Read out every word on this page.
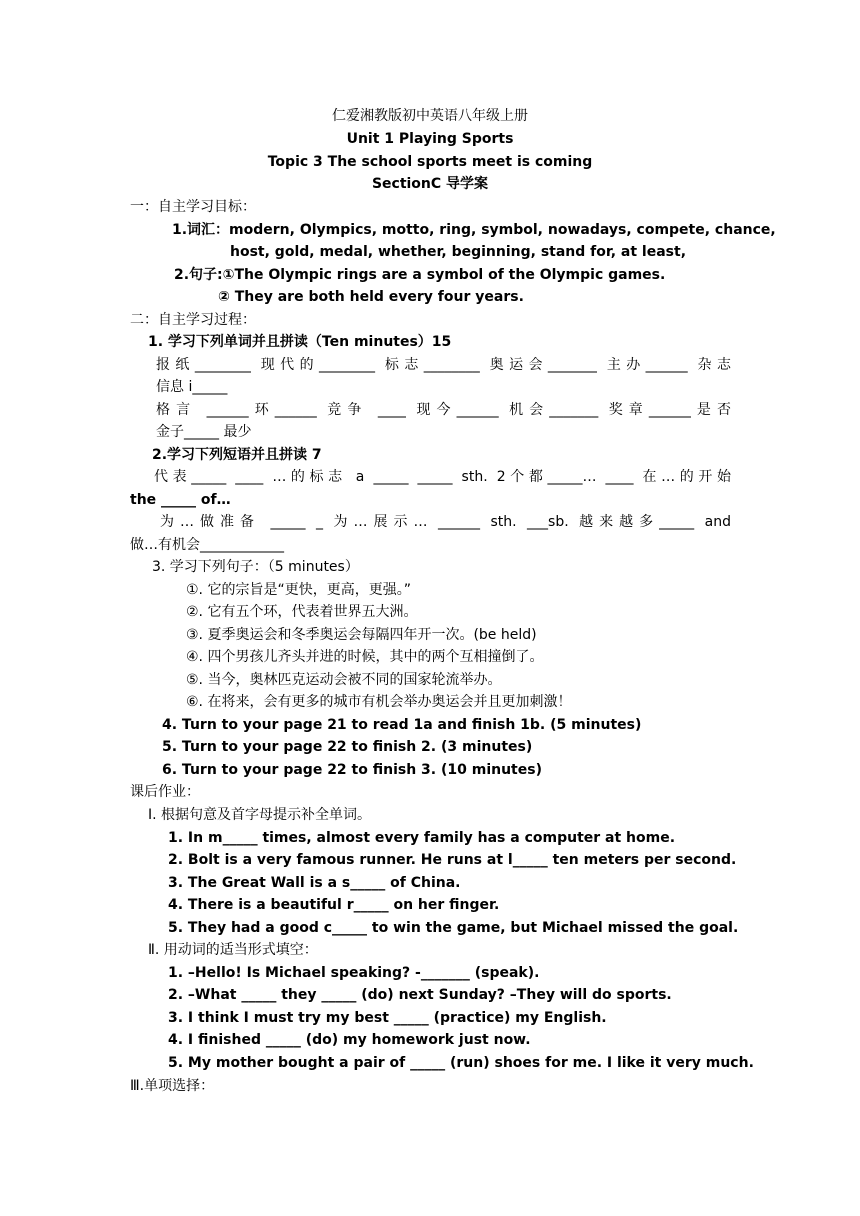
仁爱湘教版初中英语八年级上册
Unit 1 Playing Sports
Topic 3 The school sports meet is coming
SectionC 导学案
一：自主学习目标：
1.词汇：modern, Olympics, motto, ring, symbol, nowadays, compete, chance,
host, gold, medal, whether, beginning, stand for, at least,
2.句子:①The Olympic rings are a symbol of the Olympic games.
② They are both held every four years.
二：自主学习过程：
1. 学习下列单词并且拼读（Ten minutes）15
报纸________ 现代的________ 标志________ 奥运会_______ 主办______ 杂志
信息 i_____
格言 ______环______ 竞争 ____ 现今______ 机会_______ 奖章______是否
金子_____ 最少
2.学习下列短语并且拼读 7
代表_____ ____ …的标志 a _____ _____ sth. 2个都_____… ____ 在…的开始
the _____ of…
为…做准备 _____ _ 为…展示… ______ sth. ___sb. 越来越多_____ and
做…有机会____________
3. 学习下列句子：（5 minutes）
①. 它的宗旨是“更快，更高，更强。”
②. 它有五个环，代表着世界五大洲。
③. 夏季奥运会和冬季奥运会每隔四年开一次。(be held)
④. 四个男孩儿齐头并进的时候，其中的两个互相撞倒了。
⑤. 当今，奥林匹克运动会被不同的国家轮流举办。
⑥. 在将来，会有更多的城市有机会举办奥运会并且更加刺激！
4. Turn to your page 21 to read 1a and finish 1b. (5 minutes)
5. Turn to your page 22 to finish 2. (3 minutes)
6. Turn to your page 22 to finish 3. (10 minutes)
课后作业：
Ⅰ. 根据句意及首字母提示补全单词。
1. In m_____ times, almost every family has a computer at home.
2. Bolt is a very famous runner. He runs at l_____ ten meters per second.
3. The Great Wall is a s_____ of China.
4. There is a beautiful r_____ on her finger.
5. They had a good c_____ to win the game, but Michael missed the goal.
Ⅱ. 用动词的适当形式填空：
1. –Hello! Is Michael speaking? -_______ (speak).
2. –What _____ they _____ (do) next Sunday? –They will do sports.
3. I think I must try my best _____ (practice) my English.
4. I finished _____ (do) my homework just now.
5. My mother bought a pair of _____ (run) shoes for me. I like it very much.
Ⅲ.单项选择：
